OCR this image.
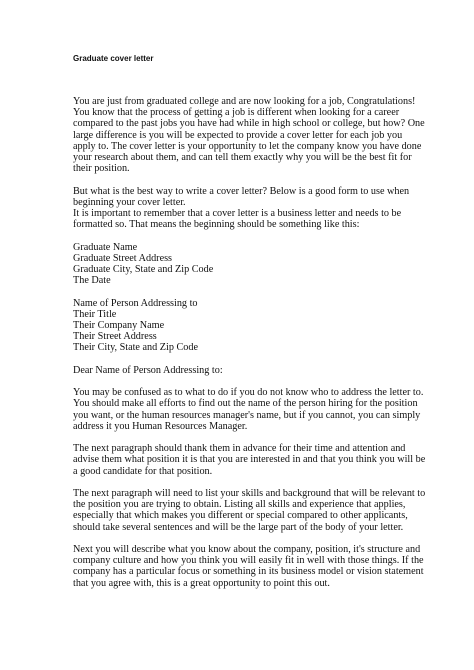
Graduate cover letter

You are just from graduated college and are now looking for a job, Congratulations!
You know that the process of getting a job is different when looking for a career
compared to the past jobs you have had while in high school or college, but how? One
large difference is you will be expected to provide a cover letter for each job you
apply to. The cover letter is your opportunity to let the company know you have done
your research about them, and can tell them exactly why you will be the best fit for
their position.

But what is the best way to write a cover letter? Below is a good form to use when
beginning your cover letter.
It is important to remember that a cover letter is a business letter and needs to be
formatted so. That means the beginning should be something like this:

Graduate Name
Graduate Street Address
Graduate City, State and Zip Code
The Date

Name of Person Addressing to
Their Title
Their Company Name
Their Street Address
Their City, State and Zip Code

Dear Name of Person Addressing to:

You may be confused as to what to do if you do not know who to address the letter to.
You should make all efforts to find out the name of the person hiring for the position
you want, or the human resources manager's name, but if you cannot, you can simply
address it you Human Resources Manager.

The next paragraph should thank them in advance for their time and attention and
advise them what position it is that you are interested in and that you think you will be
a good candidate for that position.

The next paragraph will need to list your skills and background that will be relevant to
the position you are trying to obtain. Listing all skills and experience that applies,
especially that which makes you different or special compared to other applicants,
should take several sentences and will be the large part of the body of your letter.

Next you will describe what you know about the company, position, it's structure and
company culture and how you think you will easily fit in well with those things. If the
company has a particular focus or something in its business model or vision statement
that you agree with, this is a great opportunity to point this out.
